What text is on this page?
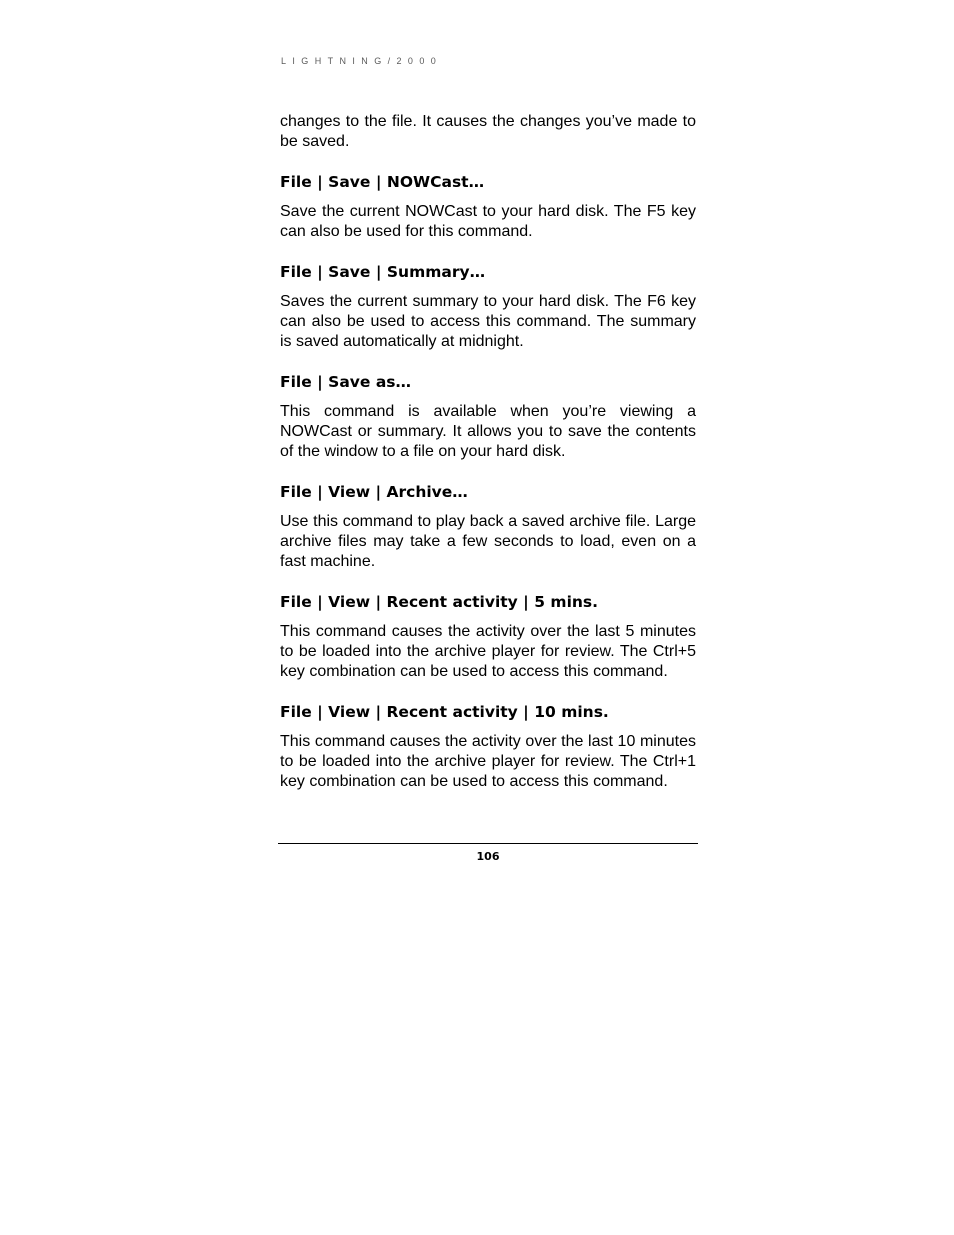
LIGHTNING/2000

changes to the file. It causes the changes you’ve made to be saved.

File | Save | NOWCast…

Save the current NOWCast to your hard disk. The F5 key can also be used for this command.

File | Save | Summary…

Saves the current summary to your hard disk. The F6 key can also be used to access this command. The summary is saved automatically at midnight.

File | Save as…

This command is available when you’re viewing a NOWCast or summary. It allows you to save the contents of the window to a file on your hard disk.

File | View | Archive…

Use this command to play back a saved archive file. Large archive files may take a few seconds to load, even on a fast machine.

File | View | Recent activity | 5 mins.

This command causes the activity over the last 5 minutes to be loaded into the archive player for review. The Ctrl+5 key combination can be used to access this command.

File | View | Recent activity | 10 mins.

This command causes the activity over the last 10 minutes to be loaded into the archive player for review. The Ctrl+1 key combination can be used to access this command.

106
